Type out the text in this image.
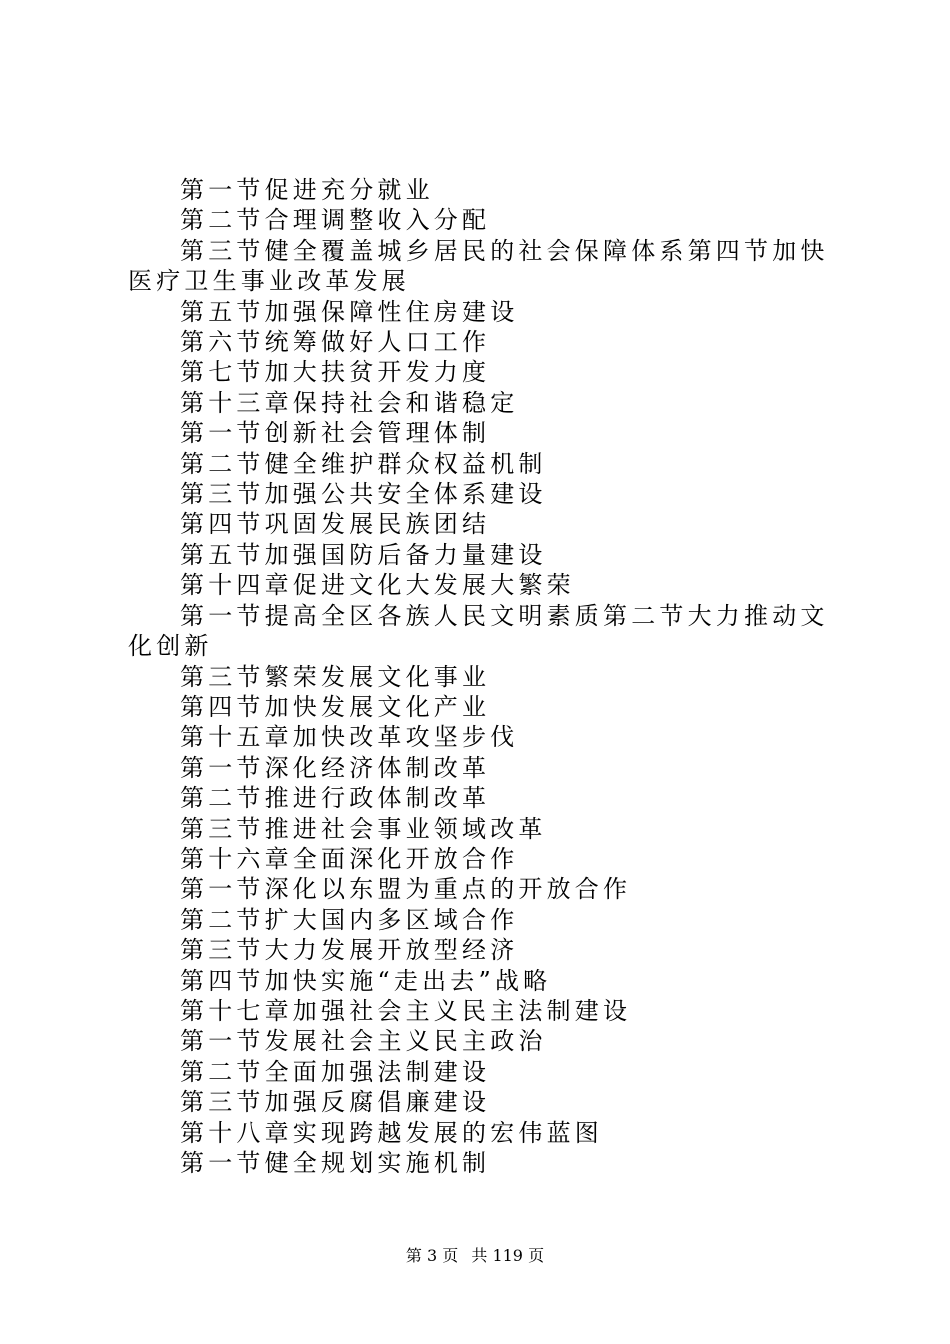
第一节促进充分就业

第二节合理调整收入分配

第三节健全覆盖城乡居民的社会保障体系第四节加快医疗卫生事业改革发展

第五节加强保障性住房建设

第六节统筹做好人口工作

第七节加大扶贫开发力度

第十三章保持社会和谐稳定

第一节创新社会管理体制

第二节健全维护群众权益机制

第三节加强公共安全体系建设

第四节巩固发展民族团结

第五节加强国防后备力量建设

第十四章促进文化大发展大繁荣

第一节提高全区各族人民文明素质第二节大力推动文化创新

第三节繁荣发展文化事业

第四节加快发展文化产业

第十五章加快改革攻坚步伐

第一节深化经济体制改革

第二节推进行政体制改革

第三节推进社会事业领域改革

第十六章全面深化开放合作

第一节深化以东盟为重点的开放合作

第二节扩大国内多区域合作

第三节大力发展开放型经济

第四节加快实施“走出去”战略

第十七章加强社会主义民主法制建设

第一节发展社会主义民主政治

第二节全面加强法制建设

第三节加强反腐倡廉建设

第十八章实现跨越发展的宏伟蓝图

第一节健全规划实施机制

第 3 页 共 119 页
